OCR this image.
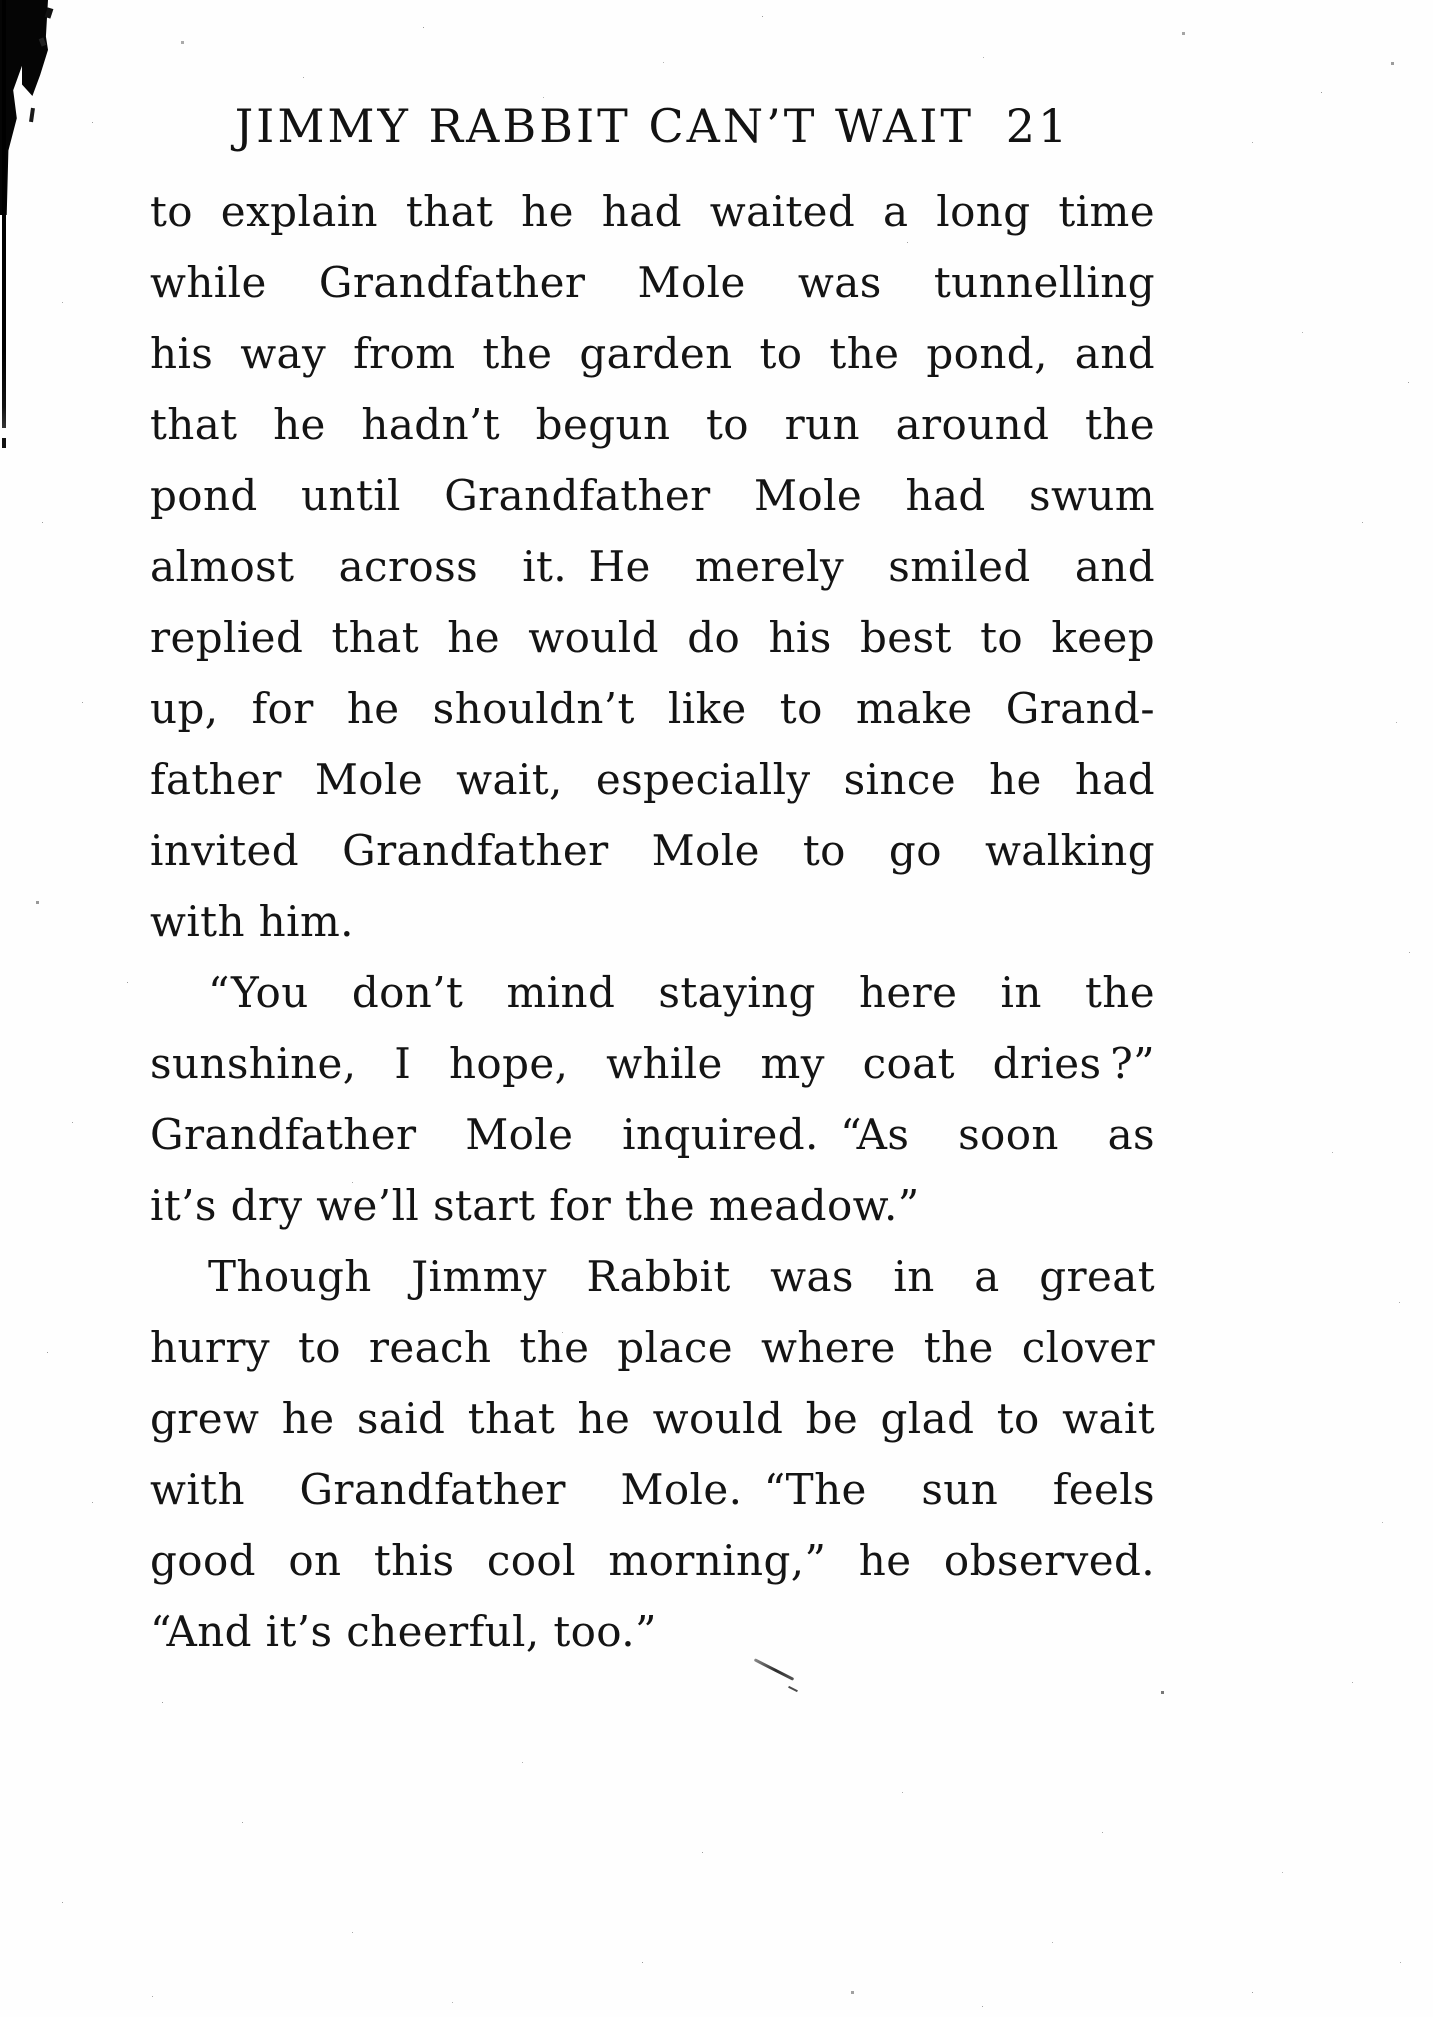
JIMMY RABBIT CAN’T WAIT 21
to explain that he had waited a long time
while Grandfather Mole was tunnelling
his way from the garden to the pond, and
that he hadn’t begun to run around the
pond until Grandfather Mole had swum
almost across it. He merely smiled and
replied that he would do his best to keep
up, for he shouldn’t like to make Grand-
father Mole wait, especially since he had
invited Grandfather Mole to go walking
with him.
“You don’t mind staying here in the
sunshine, I hope, while my coat dries ?”
Grandfather Mole inquired. “As soon as
it’s dry we’ll start for the meadow.”
Though Jimmy Rabbit was in a great
hurry to reach the place where the clover
grew he said that he would be glad to wait
with Grandfather Mole. “The sun feels
good on this cool morning,” he observed.
“And it’s cheerful, too.”
